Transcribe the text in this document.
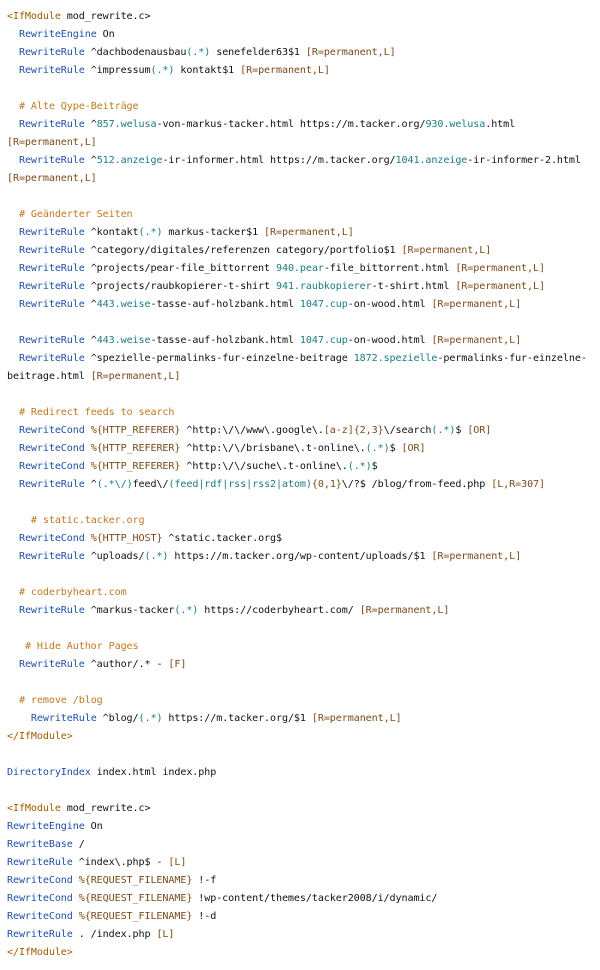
<IfModule mod_rewrite.c>
RewriteEngine On
RewriteRule ^dachbodenausbau(.*) senefelder63$1 [R=permanent,L]
RewriteRule ^impressum(.*) kontakt$1 [R=permanent,L]

# Alte Qype-Beiträge
RewriteRule ^857.welusa-von-markus-tacker.html https://m.tacker.org/930.welusa.html
[R=permanent,L]
RewriteRule ^512.anzeige-ir-informer.html https://m.tacker.org/1041.anzeige-ir-informer-2.html
[R=permanent,L]

# Geänderter Seiten
RewriteRule ^kontakt(.*) markus-tacker$1 [R=permanent,L]
RewriteRule ^category/digitales/referenzen category/portfolio$1 [R=permanent,L]
RewriteRule ^projects/pear-file_bittorrent 940.pear-file_bittorrent.html [R=permanent,L]
RewriteRule ^projects/raubkopierer-t-shirt 941.raubkopierer-t-shirt.html [R=permanent,L]
RewriteRule ^443.weise-tasse-auf-holzbank.html 1047.cup-on-wood.html [R=permanent,L]

RewriteRule ^443.weise-tasse-auf-holzbank.html 1047.cup-on-wood.html [R=permanent,L]
RewriteRule ^spezielle-permalinks-fur-einzelne-beitrage 1872.spezielle-permalinks-fur-einzelne-
beitrage.html [R=permanent,L]

# Redirect feeds to search
RewriteCond %{HTTP_REFERER} ^http:\/\/www\.google\.[a-z]{2,3}\/search(.*)$ [OR]
RewriteCond %{HTTP_REFERER} ^http:\/\/brisbane\.t-online\.(.*)$ [OR]
RewriteCond %{HTTP_REFERER} ^http:\/\/suche\.t-online\.(.*)$
RewriteRule ^(.*\/)feed\/(feed|rdf|rss|rss2|atom){0,1}\/?$ /blog/from-feed.php [L,R=307]

# static.tacker.org
RewriteCond %{HTTP_HOST} ^static.tacker.org$
RewriteRule ^uploads/(.*) https://m.tacker.org/wp-content/uploads/$1 [R=permanent,L]

# coderbyheart.com
RewriteRule ^markus-tacker(.*) https://coderbyheart.com/ [R=permanent,L]

# Hide Author Pages
RewriteRule ^author/.* - [F]

# remove /blog
RewriteRule ^blog/(.*) https://m.tacker.org/$1 [R=permanent,L]
</IfModule>

DirectoryIndex index.html index.php

<IfModule mod_rewrite.c>
RewriteEngine On
RewriteBase /
RewriteRule ^index\.php$ - [L]
RewriteCond %{REQUEST_FILENAME} !-f
RewriteCond %{REQUEST_FILENAME} !wp-content/themes/tacker2008/i/dynamic/
RewriteCond %{REQUEST_FILENAME} !-d
RewriteRule . /index.php [L]
</IfModule>
